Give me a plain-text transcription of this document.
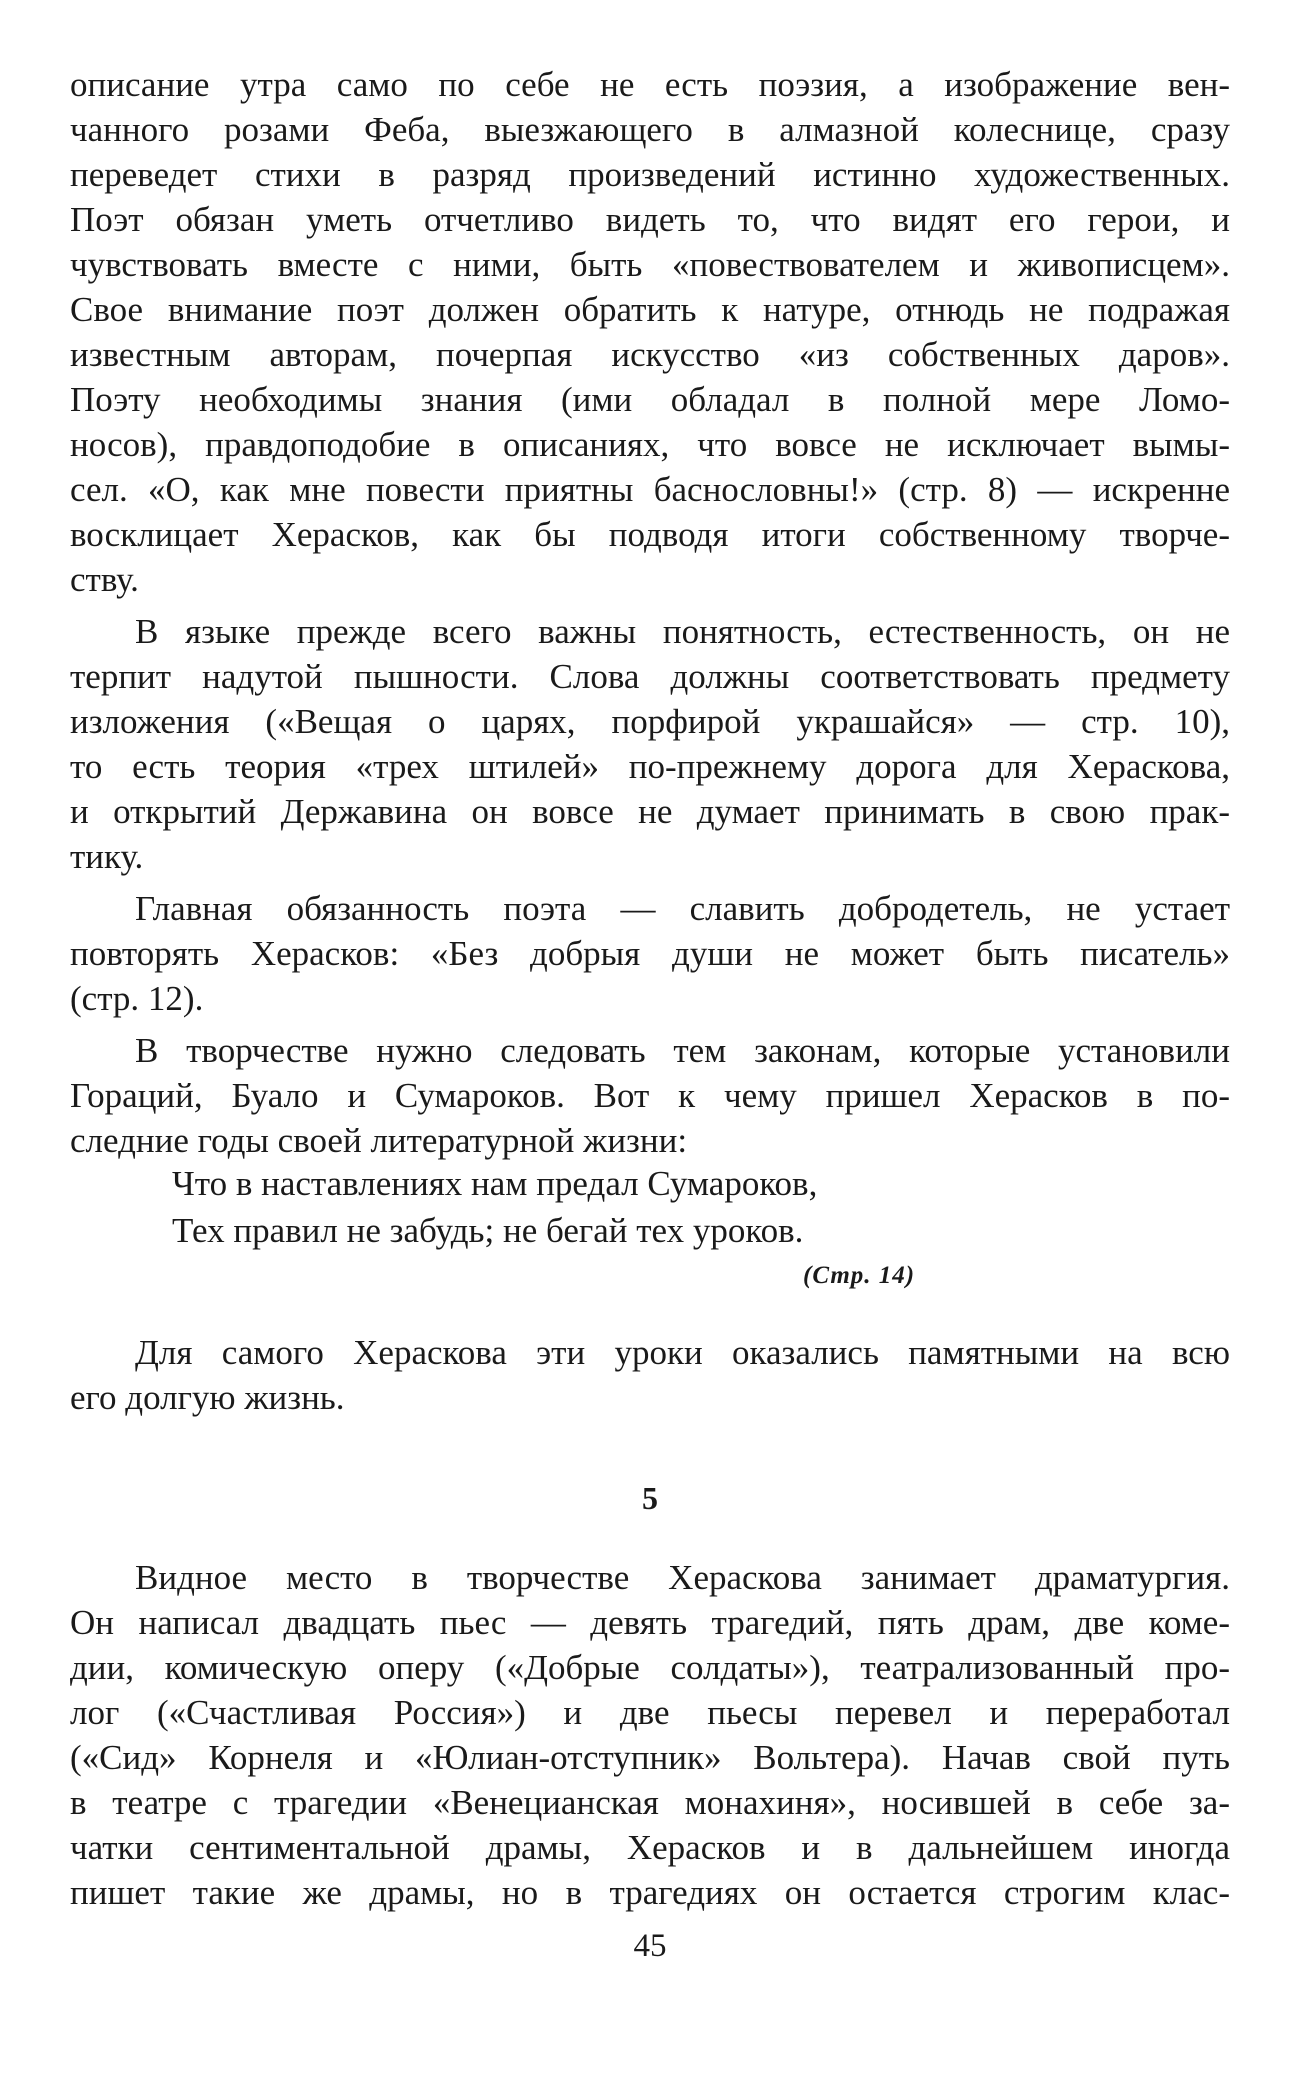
описание утра само по себе не есть поэзия, а изображение вен-
чанного розами Феба, выезжающего в алмазной колеснице, сразу
переведет стихи в разряд произведений истинно художественных.
Поэт обязан уметь отчетливо видеть то, что видят его герои, и
чувствовать вместе с ними, быть «повествователем и живописцем».
Свое внимание поэт должен обратить к натуре, отнюдь не подражая
известным авторам, почерпая искусство «из собственных даров».
Поэту необходимы знания (ими обладал в полной мере Ломо-
носов), правдоподобие в описаниях, что вовсе не исключает вымы-
сел. «О, как мне повести приятны баснословны!» (стр. 8) — искренне
восклицает Херасков, как бы подводя итоги собственному творче-
ству.
В языке прежде всего важны понятность, естественность, он не
терпит надутой пышности. Слова должны соответствовать предмету
изложения («Вещая о царях, порфирой украшайся» — стр. 10),
то есть теория «трех штилей» по-прежнему дорога для Хераскова,
и открытий Державина он вовсе не думает принимать в свою прак-
тику.
Главная обязанность поэта — славить добродетель, не устает
повторять Херасков: «Без добрыя души не может быть писатель»
(стр. 12).
В творчестве нужно следовать тем законам, которые установили
Гораций, Буало и Сумароков. Вот к чему пришел Херасков в по-
следние годы своей литературной жизни:
Что в наставлениях нам предал Сумароков,
Тех правил не забудь; не бегай тех уроков.
(Стр. 14)
Для самого Хераскова эти уроки оказались памятными на всю
его долгую жизнь.
5
Видное место в творчестве Хераскова занимает драматургия.
Он написал двадцать пьес — девять трагедий, пять драм, две коме-
дии, комическую оперу («Добрые солдаты»), театрализованный про-
лог («Счастливая Россия») и две пьесы перевел и переработал
(«Сид» Корнеля и «Юлиан-отступник» Вольтера). Начав свой путь
в театре с трагедии «Венецианская монахиня», носившей в себе за-
чатки сентиментальной драмы, Херасков и в дальнейшем иногда
пишет такие же драмы, но в трагедиях он остается строгим клас-
45
